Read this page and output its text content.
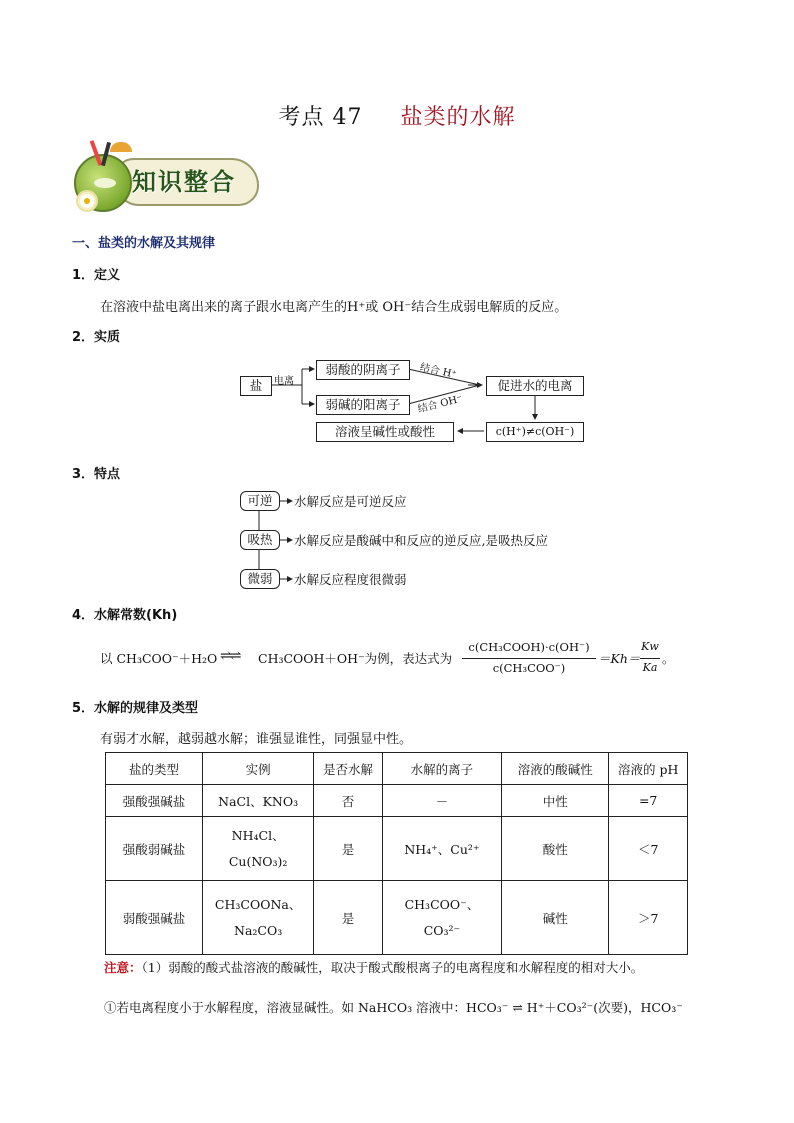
考点 47 盐类的水解
知识整合
一、盐类的水解及其规律
1．定义
在溶液中盐电离出来的离子跟水电离产生的H⁺或 OH⁻结合生成弱电解质的反应。
2．实质
盐	电离
弱酸的阴离子
弱碱的阳离子
结合 H⁺
结合 OH⁻
促进水的电离
c(H⁺)≠c(OH⁻)
溶液呈碱性或酸性
3．特点
可逆	水解反应是可逆反应
吸热	水解反应是酸碱中和反应的逆反应,是吸热反应
微弱	水解反应程度很微弱
4．水解常数(Kh)
以 CH₃COO⁻＋H₂O ⇌⇌ CH₃COOH＋OH⁻为例，表达式为
c(CH₃COOH)·c(OH⁻)
c(CH₃COO⁻)
＝Kh＝
Kw
Ka
。
5．水解的规律及类型
有弱才水解，越弱越水解；谁强显谁性，同强显中性。
盐的类型	实例	是否水解	水解的离子	溶液的酸碱性	溶液的 pH
强酸强碱盐	NaCl、KNO₃	否	－	中性	=7
强酸弱碱盐	NH₄Cl、Cu(NO₃)₂	是	NH₄⁺、Cu²⁺	酸性	＜7
弱酸强碱盐	CH₃COONa、Na₂CO₃	是	CH₃COO⁻、CO₃²⁻	碱性	＞7
注意：（1）弱酸的酸式盐溶液的酸碱性，取决于酸式酸根离子的电离程度和水解程度的相对大小。
①若电离程度小于水解程度，溶液显碱性。如 NaHCO₃ 溶液中：HCO₃⁻ ⇌ H⁺＋CO₃²⁻(次要)，HCO₃⁻
